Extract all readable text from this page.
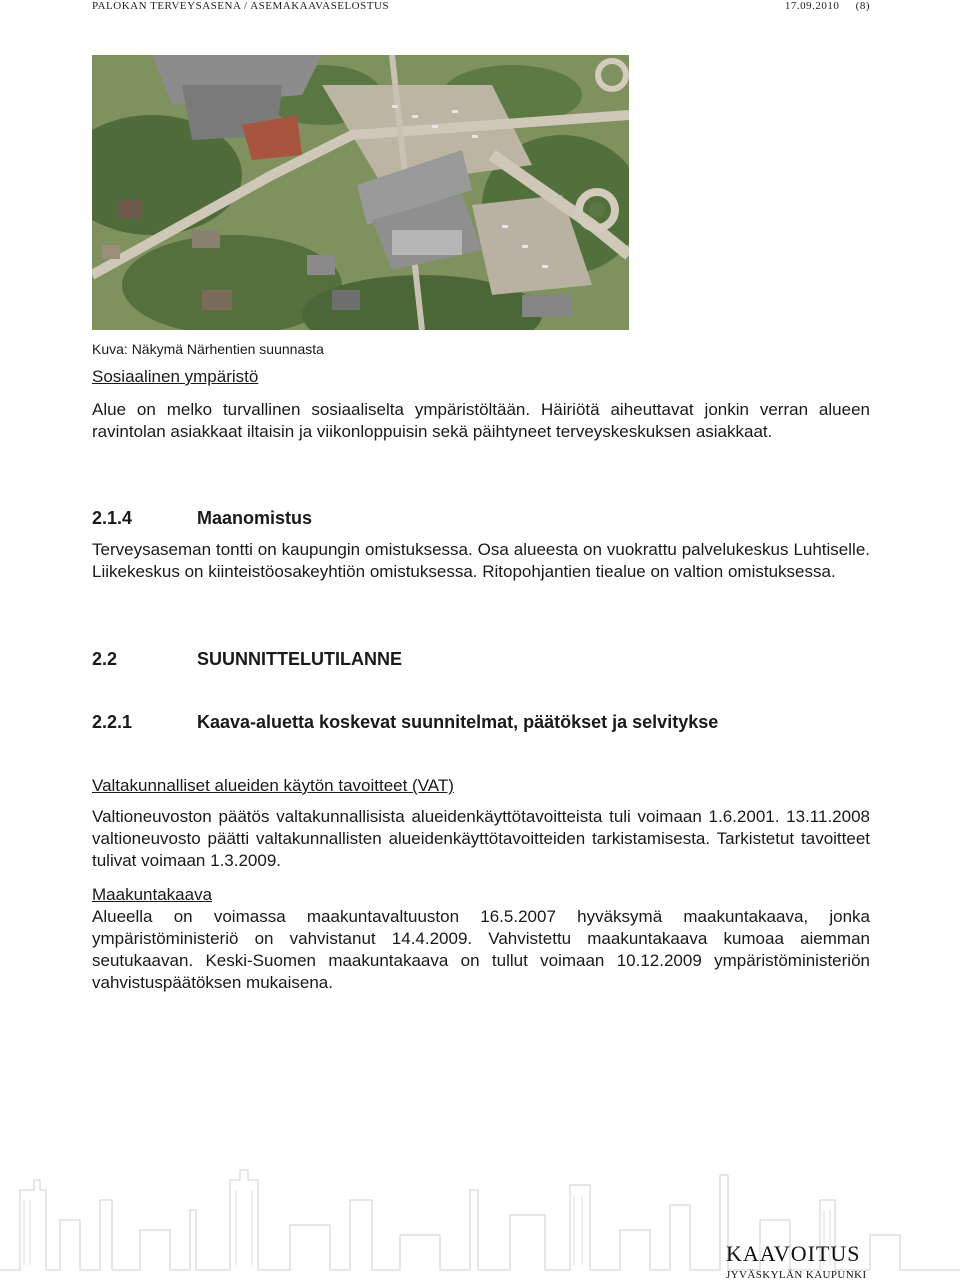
PALOKAN TERVEYSASENA / ASEMAKAAVASELOSTUS	17.09.2010     (8)
Kuva: Näkymä Närhentien suunnasta
Sosiaalinen ympäristö
Alue on melko turvallinen sosiaaliselta ympäristöltään. Häiriötä aiheuttavat jonkin verran alueen ravintolan asiakkaat iltaisin ja viikonloppuisin sekä päihtyneet terveyskeskuksen asiakkaat.
2.1.4	Maanomistus
Terveysaseman tontti on kaupungin omistuksessa. Osa alueesta on vuokrattu palvelukeskus Luhtiselle. Liikekeskus on kiinteistöosakeyhtiön omistuksessa. Ritopohjantien tiealue on valtion omistuksessa.
2.2	SUUNNITTELUTILANNE
2.2.1	Kaava-aluetta koskevat suunnitelmat, päätökset ja selvitykse
Valtakunnalliset alueiden käytön tavoitteet (VAT)
Valtioneuvoston päätös valtakunnallisista alueidenkäyttötavoitteista tuli voimaan 1.6.2001. 13.11.2008 valtioneuvosto päätti valtakunnallisten alueidenkäyttötavoitteiden tarkistamisesta. Tarkistetut tavoitteet tulivat voimaan 1.3.2009.
Maakuntakaava
Alueella on voimassa maakuntavaltuuston 16.5.2007 hyväksymä maakuntakaava, jonka ympäristöministeriö on vahvistanut 14.4.2009. Vahvistettu maakuntakaava kumoaa aiemman seutukaavan. Keski-Suomen maakuntakaava on tullut voimaan 10.12.2009 ympäristöministeriön vahvistuspäätöksen mukaisena.
KAAVOITUS
JYVÄSKYLÄN KAUPUNKI
